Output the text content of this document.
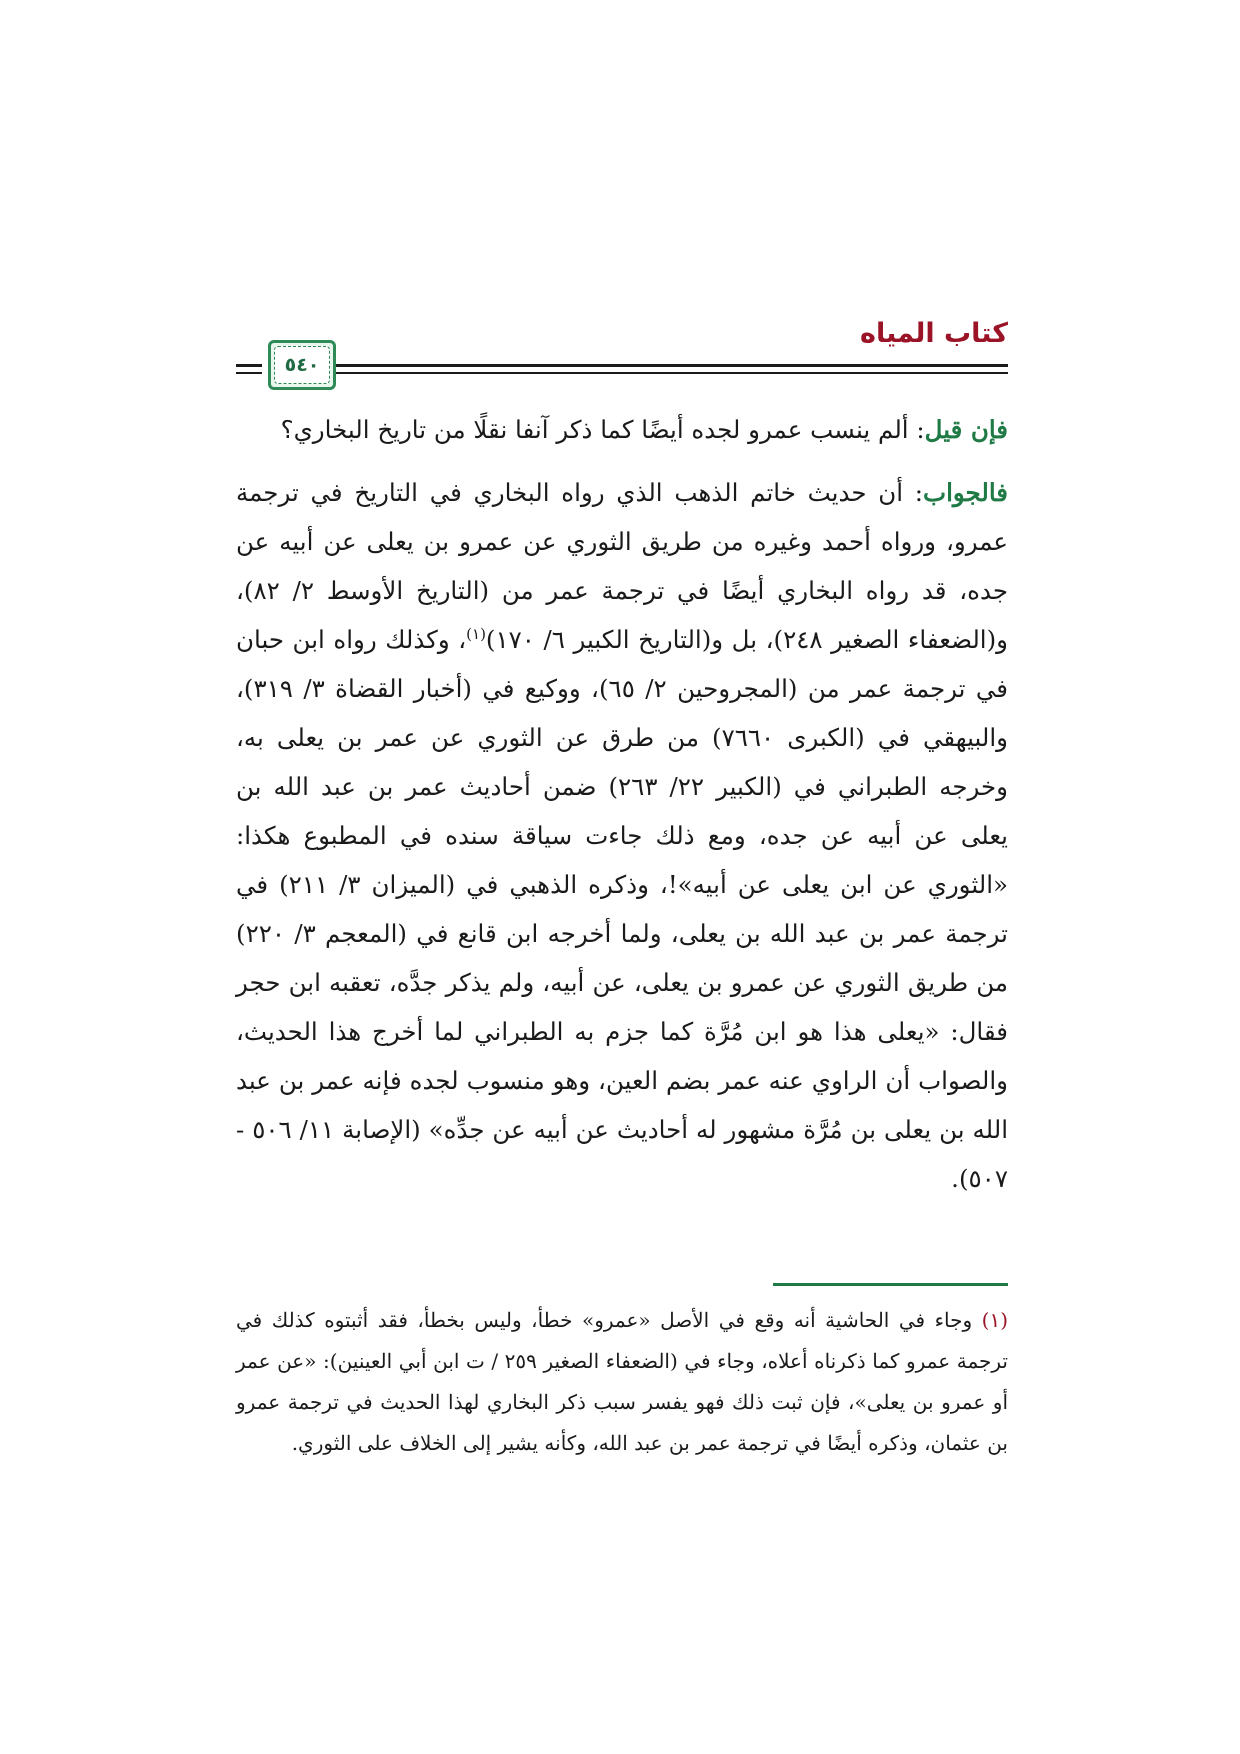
كتاب المياه
٥٤٠

فإن قيل: ألم ينسب عمرو لجده أيضًا كما ذكر آنفا نقلًا من تاريخ البخاري؟

فالجواب: أن حديث خاتم الذهب الذي رواه البخاري في التاريخ في ترجمة عمرو، ورواه أحمد وغيره من طريق الثوري عن عمرو بن يعلى عن أبيه عن جده، قد رواه البخاري أيضًا في ترجمة عمر من (التاريخ الأوسط ٢/ ٨٢)، و(الضعفاء الصغير ٢٤٨)، بل و(التاريخ الكبير ٦/ ١٧٠)$^{(١)}$، وكذلك رواه ابن حبان في ترجمة عمر من (المجروحين ٢/ ٦٥)، ووكيع في (أخبار القضاة ٣/ ٣١٩)، والبيهقي في (الكبرى ٧٦٦٠) من طرق عن الثوري عن عمر بن يعلى به، وخرجه الطبراني في (الكبير ٢٢/ ٢٦٣) ضمن أحاديث عمر بن عبد الله بن يعلى عن أبيه عن جده، ومع ذلك جاءت سياقة سنده في المطبوع هكذا: «الثوري عن ابن يعلى عن أبيه»!، وذكره الذهبي في (الميزان ٣/ ٢١١) في ترجمة عمر بن عبد الله بن يعلى، ولما أخرجه ابن قانع في (المعجم ٣/ ٢٢٠) من طريق الثوري عن عمرو بن يعلى، عن أبيه، ولم يذكر جدَّه، تعقبه ابن حجر فقال: «يعلى هذا هو ابن مُرَّة كما جزم به الطبراني لما أخرج هذا الحديث، والصواب أن الراوي عنه عمر بضم العين، وهو منسوب لجده فإنه عمر بن عبد الله بن يعلى بن مُرَّة مشهور له أحاديث عن أبيه عن جدِّه» (الإصابة ١١/ ٥٠٦ - ٥٠٧).

(١) وجاء في الحاشية أنه وقع في الأصل «عمرو» خطأ، وليس بخطأ، فقد أثبتوه كذلك في ترجمة عمرو كما ذكرناه أعلاه، وجاء في (الضعفاء الصغير ٢٥٩ / ت ابن أبي العينين): «عن عمر أو عمرو بن يعلى»، فإن ثبت ذلك فهو يفسر سبب ذكر البخاري لهذا الحديث في ترجمة عمرو بن عثمان، وذكره أيضًا في ترجمة عمر بن عبد الله، وكأنه يشير إلى الخلاف على الثوري.
